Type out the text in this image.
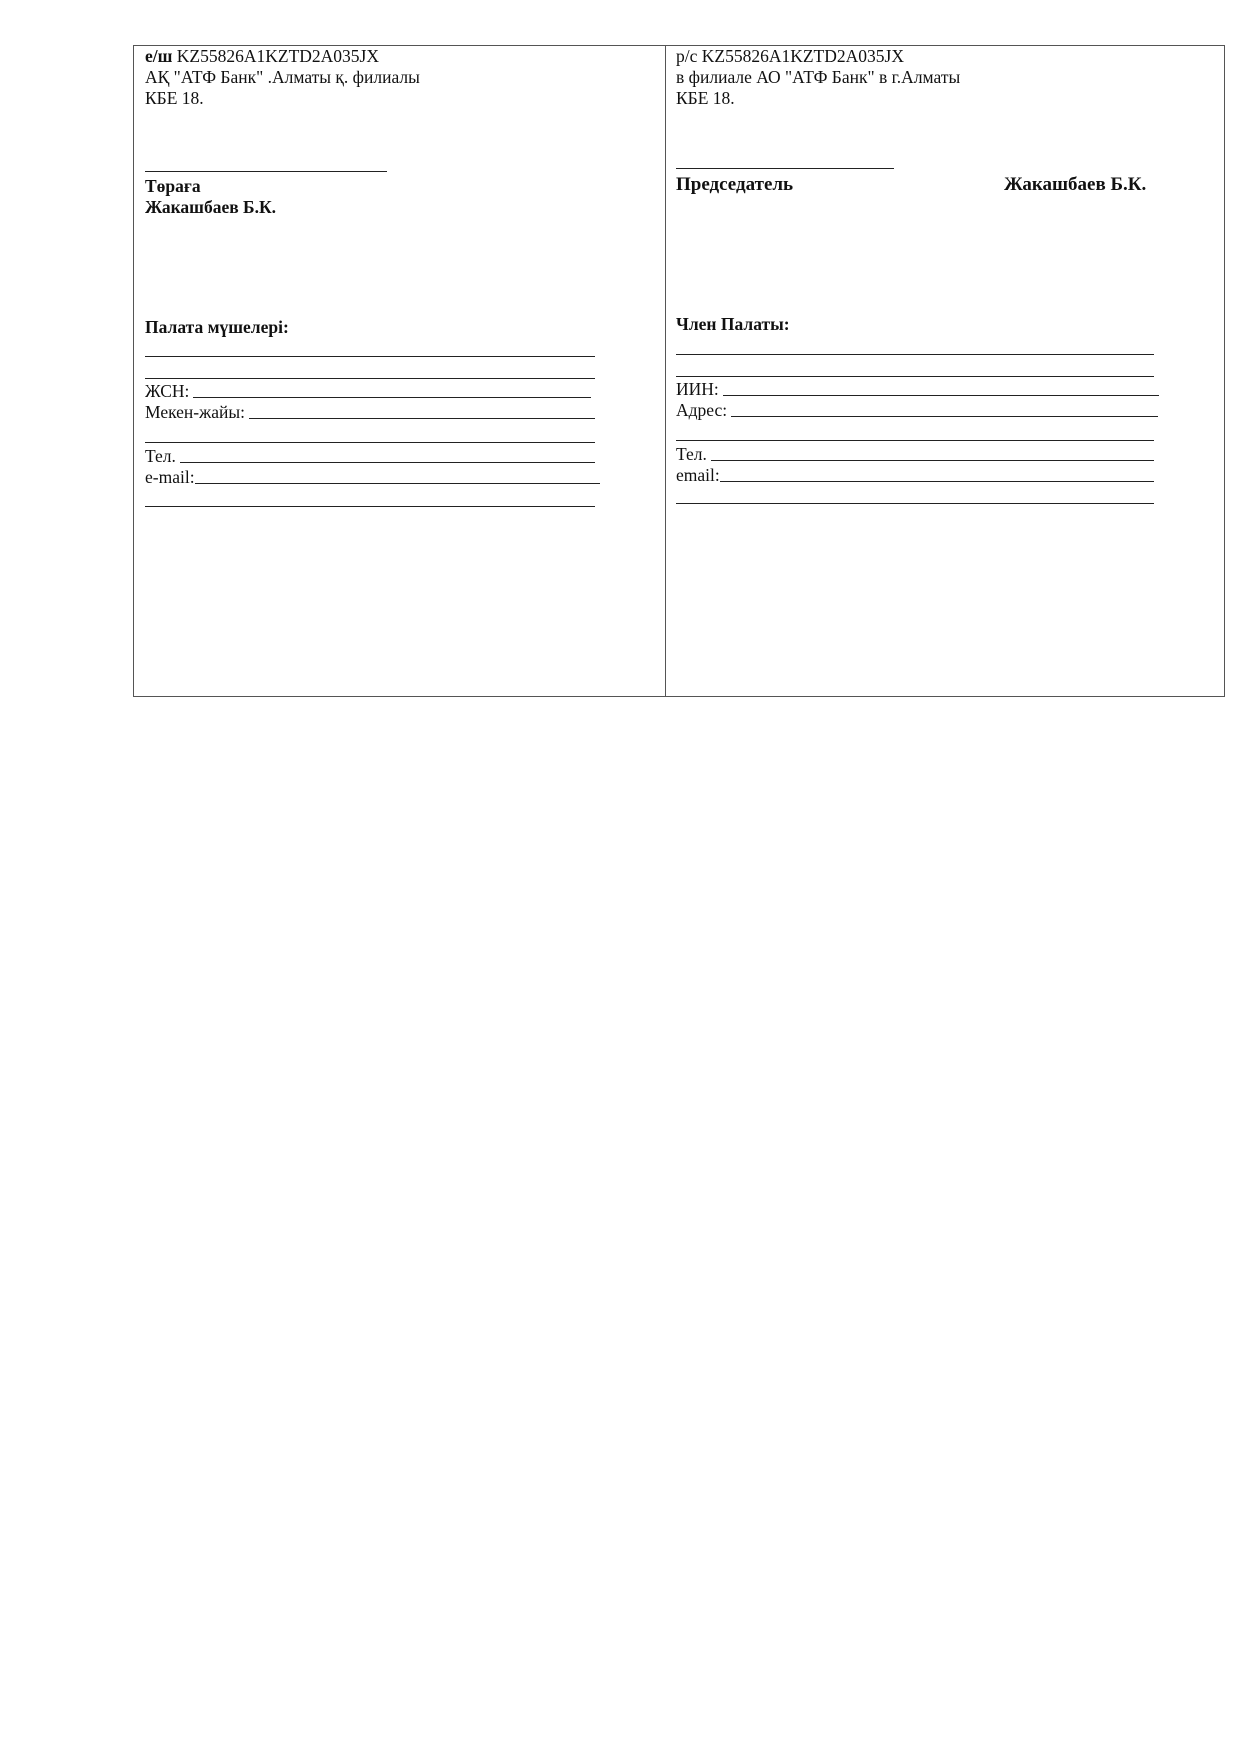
е/ш KZ55826A1KZTD2A035JX
АҚ "АТФ Банк" .Алматы қ. филиалы
КБЕ 18.
Төраға
Жакашбаев Б.К.
Палата мүшелері:
ЖСН:
Мекен-жайы:
Тел.
e-mail:
р/с KZ55826A1KZTD2A035JX
в филиале АО "АТФ Банк" в г.Алматы
КБЕ 18.
Председатель	Жакашбаев Б.К.
Член Палаты:
ИИН:
Адрес:
Тел.
email:
